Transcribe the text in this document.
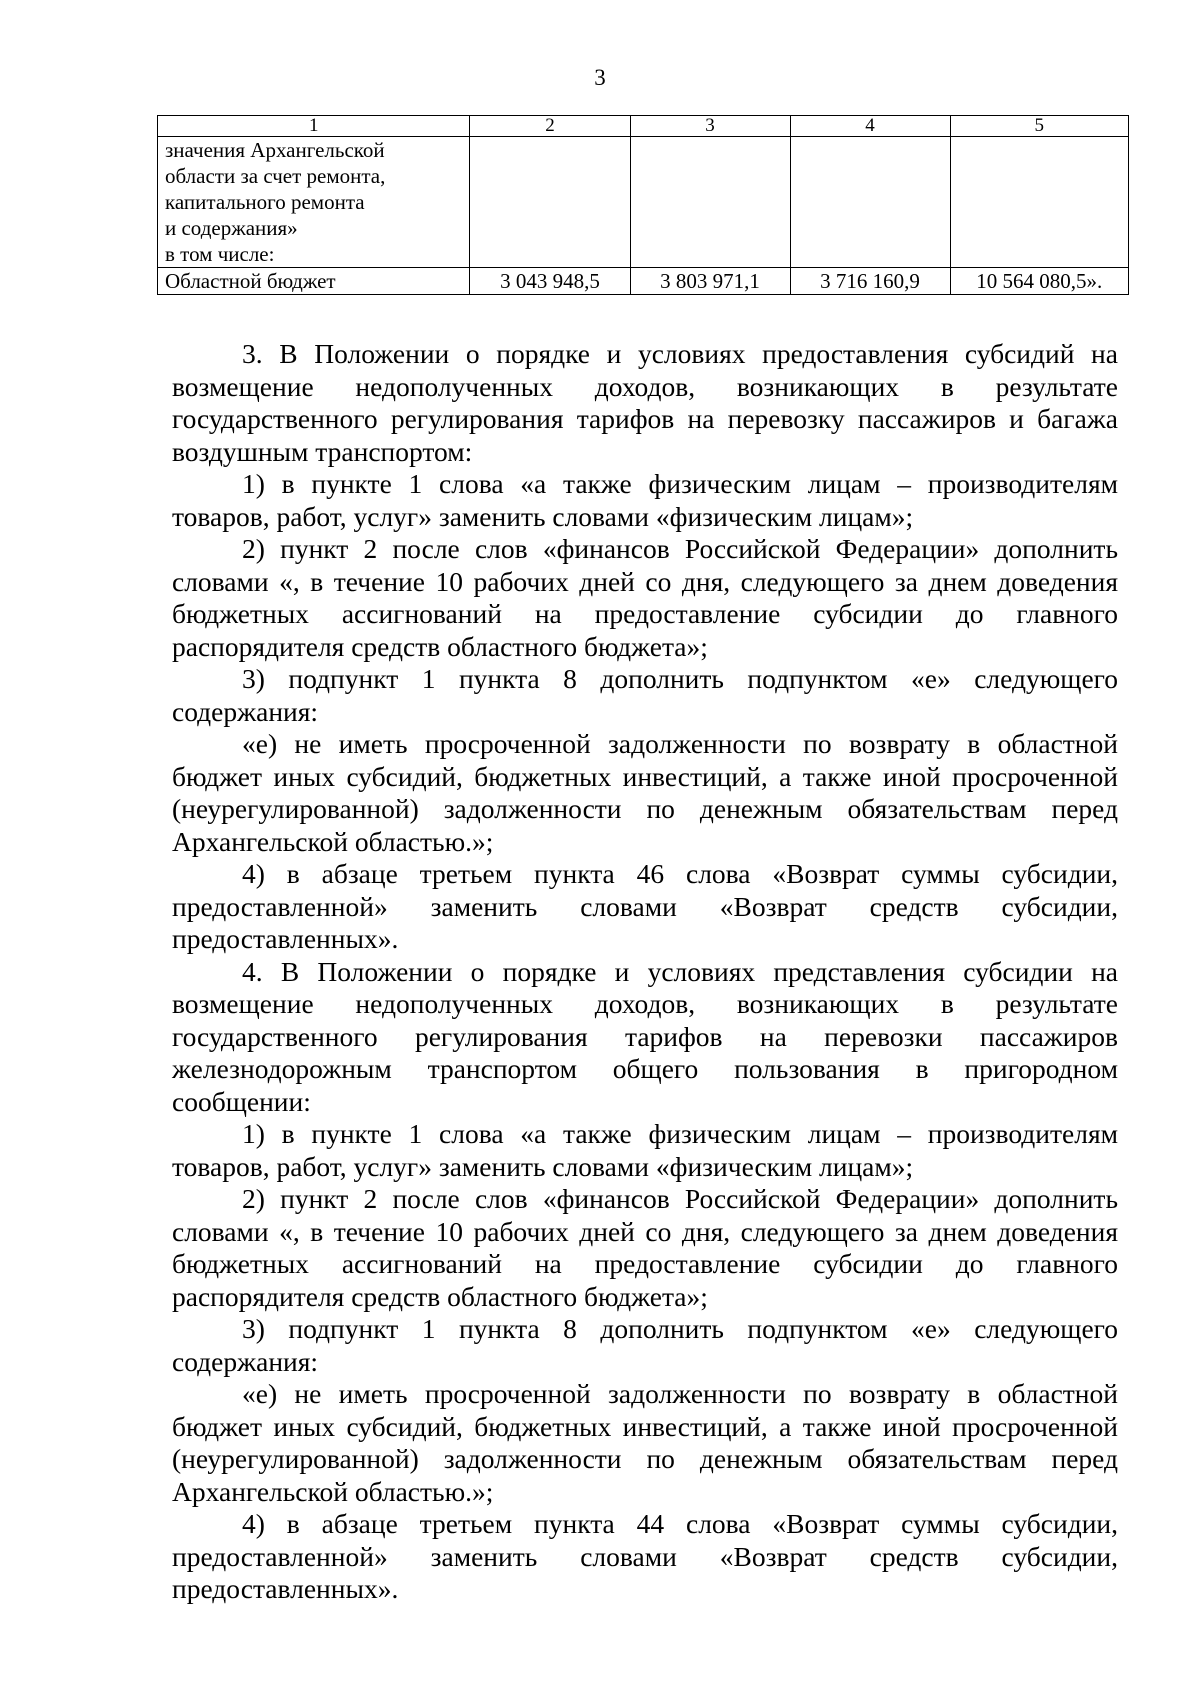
3
1	2	3	4	5

значения Архангельской
области за счет ремонта,
капитального ремонта
и содержания»
в том числе:				

Областной бюджет	3 043 948,5	3 803 971,1	3 716 160,9	10 564 080,5».

3. В Положении о порядке и условиях предоставления субсидий на возмещение недополученных доходов, возникающих в результате государственного регулирования тарифов на перевозку пассажиров и багажа воздушным транспортом:

1) в пункте 1 слова «а также физическим лицам – производителям товаров, работ, услуг» заменить словами «физическим лицам»;

2) пункт 2 после слов «финансов Российской Федерации» дополнить словами «, в течение 10 рабочих дней со дня, следующего за днем доведения бюджетных ассигнований на предоставление субсидии до главного распорядителя средств областного бюджета»;

3) подпункт 1 пункта 8 дополнить подпунктом «е» следующего содержания:

«е) не иметь просроченной задолженности по возврату в областной бюджет иных субсидий, бюджетных инвестиций, а также иной просроченной (неурегулированной) задолженности по денежным обязательствам перед Архангельской областью.»;

4) в абзаце третьем пункта 46 слова «Возврат суммы субсидии, предоставленной» заменить словами «Возврат средств субсидии, предоставленных».

4. В Положении о порядке и условиях представления субсидии на возмещение недополученных доходов, возникающих в результате государственного регулирования тарифов на перевозки пассажиров железнодорожным транспортом общего пользования в пригородном сообщении:

1) в пункте 1 слова «а также физическим лицам – производителям товаров, работ, услуг» заменить словами «физическим лицам»;

2) пункт 2 после слов «финансов Российской Федерации» дополнить словами «, в течение 10 рабочих дней со дня, следующего за днем доведения бюджетных ассигнований на предоставление субсидии до главного распорядителя средств областного бюджета»;

3) подпункт 1 пункта 8 дополнить подпунктом «е» следующего содержания:

«е) не иметь просроченной задолженности по возврату в областной бюджет иных субсидий, бюджетных инвестиций, а также иной просроченной (неурегулированной) задолженности по денежным обязательствам перед Архангельской областью.»;

4) в абзаце третьем пункта 44 слова «Возврат суммы субсидии, предоставленной» заменить словами «Возврат средств субсидии, предоставленных».
